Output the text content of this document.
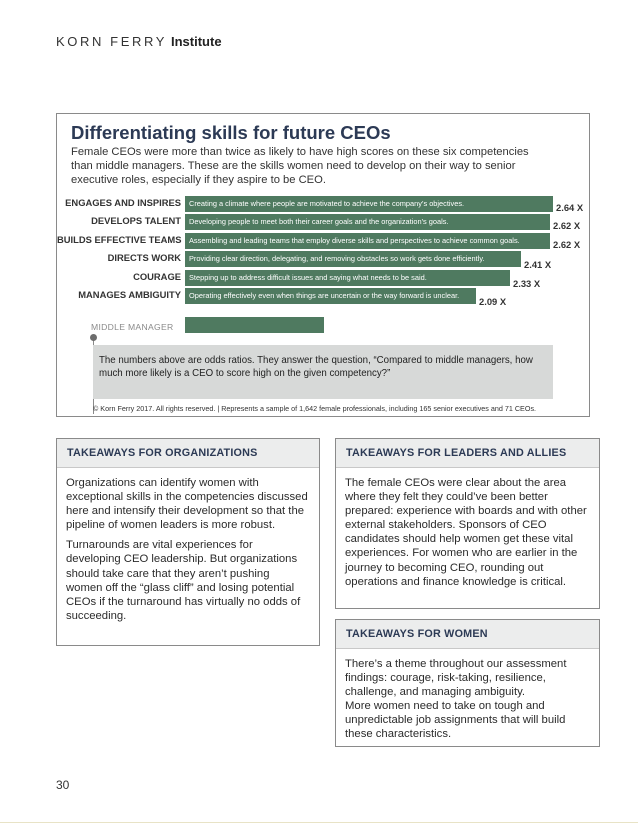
KORN FERRY Institute
Differentiating skills for future CEOs
Female CEOs were more than twice as likely to have high scores on these six competencies than middle managers. These are the skills women need to develop on their way to senior executive roles, especially if they aspire to be CEO.
ENGAGES AND INSPIRES Creating a climate where people are motivated to achieve the company’s objectives.	2.64 X
DEVELOPS TALENT Developing people to meet both their career goals and the organization’s goals.	2.62 X
BUILDS EFFECTIVE TEAMS Assembling and leading teams that employ diverse skills and perspectives to achieve common goals.	2.62 X
DIRECTS WORK Providing clear direction, delegating, and removing obstacles so work gets done efficiently.
2.41 X
COURAGE Stepping up to address difficult issues and saying what needs to be said.
2.33 X
MANAGES AMBIGUITY Operating effectively even when things are uncertain or the way forward is unclear.
2.09 X
MIDDLE MANAGER
The numbers above are odds ratios. They answer the question, “Compared to middle managers, how much more likely is a CEO to score high on the given competency?”
© Korn Ferry 2017. All rights reserved. | Represents a sample of 1,642 female professionals, including 165 senior executives and 71 CEOs.
TAKEAWAYS FOR ORGANIZATIONS

Organizations can identify women with exceptional skills in the competencies discussed here and intensify their development so that the pipeline of women leaders is more robust.

Turnarounds are vital experiences for developing CEO leadership. But organizations should take care that they aren’t pushing women off the “glass cliff” and losing potential CEOs if the turnaround has virtually no odds of succeeding.

TAKEAWAYS FOR LEADERS AND ALLIES

The female CEOs were clear about the area where they felt they could’ve been better prepared: experience with boards and with other external stakeholders. Sponsors of CEO candidates should help women get these vital experiences. For women who are earlier in the journey to becoming CEO, rounding out operations and finance knowledge is critical.

TAKEAWAYS FOR WOMEN

There’s a theme throughout our assessment findings: courage, risk-taking, resilience, challenge, and managing ambiguity.

More women need to take on tough and unpredictable job assignments that will build these characteristics.

30
